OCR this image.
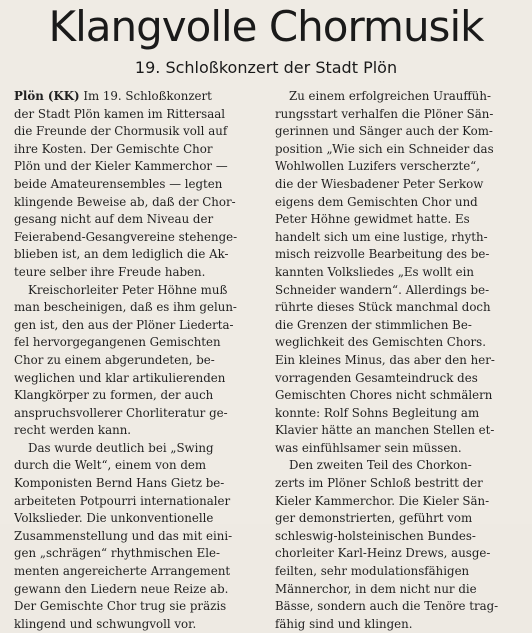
Klangvolle Chormusik
19. Schloßkonzert der Stadt Plön
Plön (KK) Im 19. Schloßkonzert
der Stadt Plön kamen im Rittersaal
die Freunde der Chormusik voll auf
ihre Kosten. Der Gemischte Chor
Plön und der Kieler Kammerchor —
beide Amateurensembles — legten
klingende Beweise ab, daß der Chor-
gesang nicht auf dem Niveau der
Feierabend-Gesangvereine stehenge-
blieben ist, an dem lediglich die Ak-
teure selber ihre Freude haben.
Kreischorleiter Peter Höhne muß
man bescheinigen, daß es ihm gelun-
gen ist, den aus der Plöner Liedertа-
fel hervorgegangenen Gemischten
Chor zu einem abgerundeten, be-
weglichen und klar artikulierenden
Klangkörper zu formen, der auch
anspruchsvollerer Chorliteratur ge-
recht werden kann.
Das wurde deutlich bei „Swing
durch die Welt“, einem von dem
Komponisten Bernd Hans Gietz be-
arbeiteten Potpourri internationaler
Volkslieder. Die unkonventionelle
Zusammenstellung und das mit eini-
gen „schrägen“ rhythmischen Ele-
menten angereicherte Arrangement
gewann den Liedern neue Reize ab.
Der Gemischte Chor trug sie präzis
klingend und schwungvoll vor.
Zu einem erfolgreichen Urauffüh-
rungsstart verhalfen die Plöner Sän-
gerinnen und Sänger auch der Kom-
position „Wie sich ein Schneider das
Wohlwollen Luzifers verscherzte“,
die der Wiesbadener Peter Serkow
eigens dem Gemischten Chor und
Peter Höhne gewidmet hatte. Es
handelt sich um eine lustige, rhyth-
misch reizvolle Bearbeitung des be-
kannten Volksliedes „Es wollt ein
Schneider wandern“. Allerdings be-
rührte dieses Stück manchmal doch
die Grenzen der stimmlichen Be-
weglichkeit des Gemischten Chors.
Ein kleines Minus, das aber den her-
vorragenden Gesamteindruck des
Gemischten Chores nicht schmälern
konnte: Rolf Sohns Begleitung am
Klavier hätte an manchen Stellen et-
was einfühlsamer sein müssen.
Den zweiten Teil des Chorkon-
zerts im Plöner Schloß bestritt der
Kieler Kammerchor. Die Kieler Sän-
ger demonstrierten, geführt vom
schleswig-holsteinischen Bundes-
chorleiter Karl-Heinz Drews, ausge-
feilten, sehr modulationsfähigen
Männerchor, in dem nicht nur die
Bässe, sondern auch die Tenöre trag-
fähig sind und klingen.
